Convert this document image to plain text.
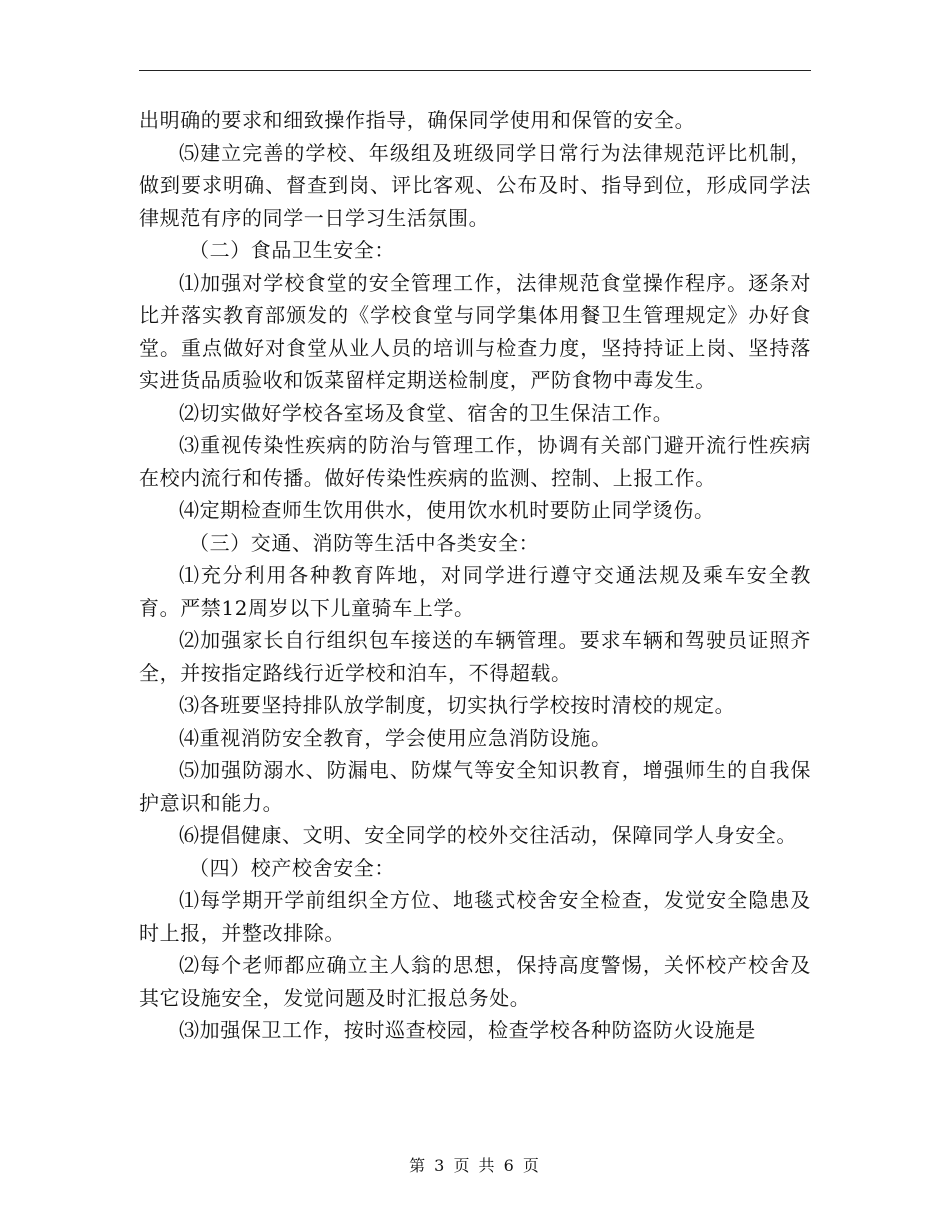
出明确的要求和细致操作指导，确保同学使用和保管的安全。

⑸建立完善的学校、年级组及班级同学日常行为法律规范评比机制，做到要求明确、督查到岗、评比客观、公布及时、指导到位，形成同学法律规范有序的同学一日学习生活氛围。

（二）食品卫生安全：

⑴加强对学校食堂的安全管理工作，法律规范食堂操作程序。逐条对比并落实教育部颁发的《学校食堂与同学集体用餐卫生管理规定》办好食堂。重点做好对食堂从业人员的培训与检查力度，坚持持证上岗、坚持落实进货品质验收和饭菜留样定期送检制度，严防食物中毒发生。

⑵切实做好学校各室场及食堂、宿舍的卫生保洁工作。

⑶重视传染性疾病的防治与管理工作，协调有关部门避开流行性疾病在校内流行和传播。做好传染性疾病的监测、控制、上报工作。

⑷定期检查师生饮用供水，使用饮水机时要防止同学烫伤。

（三）交通、消防等生活中各类安全：

⑴充分利用各种教育阵地，对同学进行遵守交通法规及乘车安全教育。严禁12周岁以下儿童骑车上学。

⑵加强家长自行组织包车接送的车辆管理。要求车辆和驾驶员证照齐全，并按指定路线行近学校和泊车，不得超载。

⑶各班要坚持排队放学制度，切实执行学校按时清校的规定。

⑷重视消防安全教育，学会使用应急消防设施。

⑸加强防溺水、防漏电、防煤气等安全知识教育，增强师生的自我保护意识和能力。

⑹提倡健康、文明、安全同学的校外交往活动，保障同学人身安全。

（四）校产校舍安全：

⑴每学期开学前组织全方位、地毯式校舍安全检查，发觉安全隐患及时上报，并整改排除。

⑵每个老师都应确立主人翁的思想，保持高度警惕，关怀校产校舍及其它设施安全，发觉问题及时汇报总务处。

⑶加强保卫工作，按时巡查校园，检查学校各种防盗防火设施是

第 3 页 共 6 页
